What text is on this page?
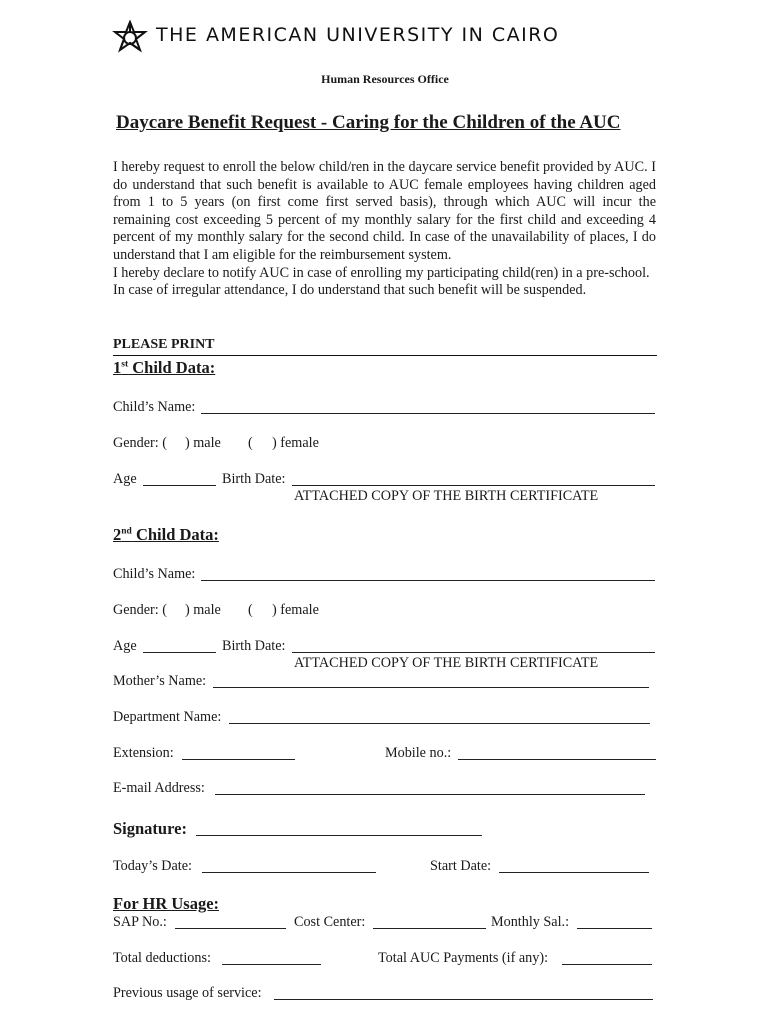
THE AMERICAN UNIVERSITY IN CAIRO
Human Resources Office
Daycare Benefit Request - Caring for the Children of the AUC

I hereby request to enroll the below child/ren in the daycare service benefit provided by AUC. I do understand that such benefit is available to AUC female employees having children aged from 1 to 5 years (on first come first served basis), through which AUC will incur the remaining cost exceeding 5 percent of my monthly salary for the first child and exceeding 4 percent of my monthly salary for the second child. In case of the unavailability of places, I do understand that I am eligible for the reimbursement system.

I hereby declare to notify AUC in case of enrolling my participating child(ren) in a pre-school.

In case of irregular attendance, I do understand that such benefit will be suspended.

PLEASE PRINT
1st Child Data:
Child’s Name:
Gender: ( ) male ( ) female
Age	Birth Date:
ATTACHED COPY OF THE BIRTH CERTIFICATE
2nd Child Data:
Child’s Name:
Gender: ( ) male ( ) female
Age	Birth Date:
ATTACHED COPY OF THE BIRTH CERTIFICATE
Mother’s Name:
Department Name:
Extension:	Mobile no.:
E-mail Address:
Signature:
Today’s Date:	Start Date:
For HR Usage:
SAP No.:	Cost Center:	Monthly Sal.:
Total deductions:	Total AUC Payments (if any):
Previous usage of service:
